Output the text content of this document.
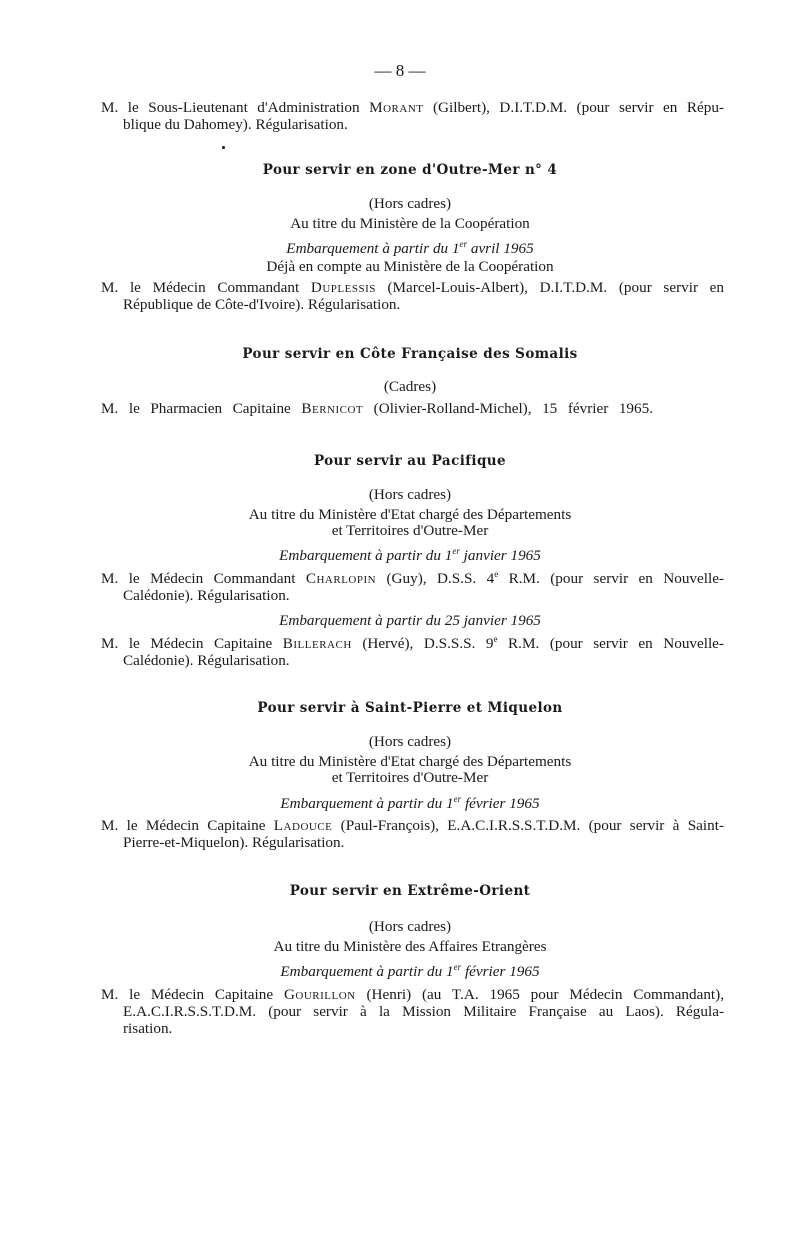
— 8 —
M. le Sous-Lieutenant d'Administration Morant (Gilbert), D.I.T.D.M. (pour servir en Répu-
blique du Dahomey). Régularisation.
Pour servir en zone d'Outre-Mer n° 4
(Hors cadres)
Au titre du Ministère de la Coopération
Embarquement à partir du 1er avril 1965
Déjà en compte au Ministère de la Coopération
M. le Médecin Commandant Duplessis (Marcel-Louis-Albert), D.I.T.D.M. (pour servir en
République de Côte-d'Ivoire). Régularisation.
Pour servir en Côte Française des Somalis
(Cadres)
M. le Pharmacien Capitaine Bernicot (Olivier-Rolland-Michel), 15 février 1965.
Pour servir au Pacifique
(Hors cadres)
Au titre du Ministère d'Etat chargé des Départements
et Territoires d'Outre-Mer
Embarquement à partir du 1er janvier 1965
M. le Médecin Commandant Charlopin (Guy), D.S.S. 4e R.M. (pour servir en Nouvelle-
Calédonie). Régularisation.
Embarquement à partir du 25 janvier 1965
M. le Médecin Capitaine Billerach (Hervé), D.S.S.S. 9e R.M. (pour servir en Nouvelle-
Calédonie). Régularisation.
Pour servir à Saint-Pierre et Miquelon
(Hors cadres)
Au titre du Ministère d'Etat chargé des Départements
et Territoires d'Outre-Mer
Embarquement à partir du 1er février 1965
M. le Médecin Capitaine Ladouce (Paul-François), E.A.C.I.R.S.S.T.D.M. (pour servir à Saint-
Pierre-et-Miquelon). Régularisation.
Pour servir en Extrême-Orient
(Hors cadres)
Au titre du Ministère des Affaires Etrangères
Embarquement à partir du 1er février 1965
M. le Médecin Capitaine Gourillon (Henri) (au T.A. 1965 pour Médecin Commandant),
E.A.C.I.R.S.S.T.D.M. (pour servir à la Mission Militaire Française au Laos). Régula-
risation.
